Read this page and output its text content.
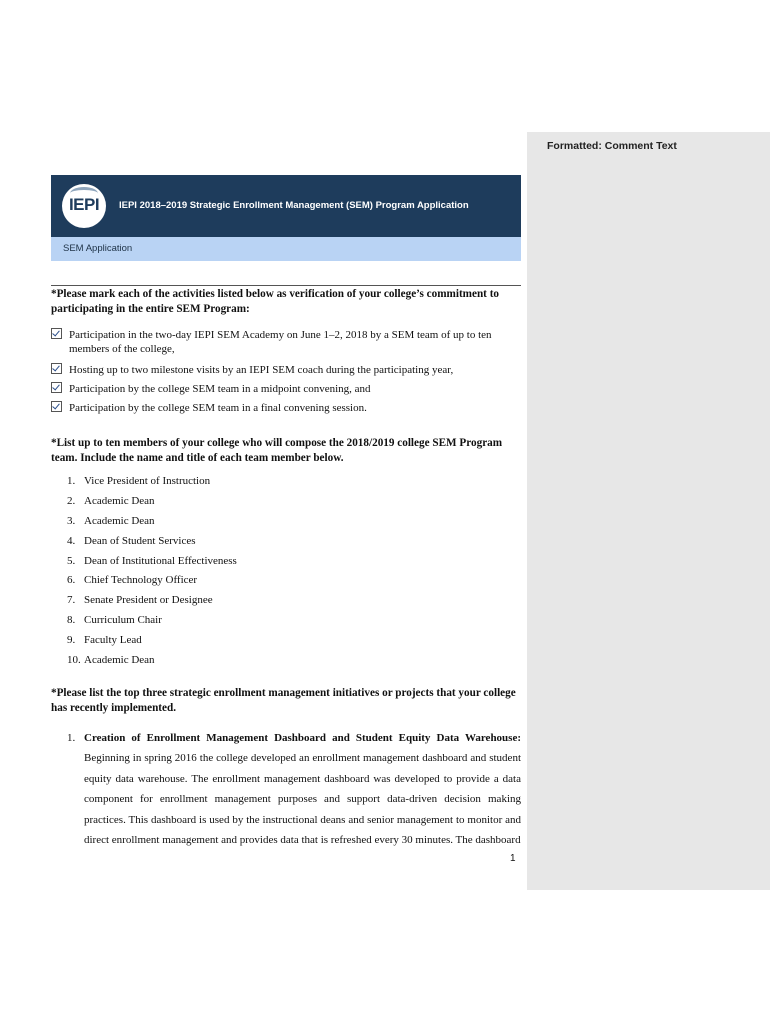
Formatted: Comment Text
IEPI	IEPI 2018–2019 Strategic Enrollment Management (SEM) Program Application
SEM Application
*Please mark each of the activities listed below as verification of your college’s commitment to participating in the entire SEM Program:
Participation in the two-day IEPI SEM Academy on June 1–2, 2018 by a SEM team of up to ten members of the college,
Hosting up to two milestone visits by an IEPI SEM coach during the participating year,
Participation by the college SEM team in a midpoint convening, and
Participation by the college SEM team in a final convening session.
*List up to ten members of your college who will compose the 2018/2019 college SEM Program team. Include the name and title of each team member below.
1. Vice President of Instruction
2. Academic Dean
3. Academic Dean
4. Dean of Student Services
5. Dean of Institutional Effectiveness
6. Chief Technology Officer
7. Senate President or Designee
8. Curriculum Chair
9. Faculty Lead
10. Academic Dean
*Please list the top three strategic enrollment management initiatives or projects that your college has recently implemented.
1. Creation of Enrollment Management Dashboard and Student Equity Data Warehouse: Beginning in spring 2016 the college developed an enrollment management dashboard and student equity data warehouse. The enrollment management dashboard was developed to provide a data component for enrollment management purposes and support data-driven decision making practices. This dashboard is used by the instructional deans and senior management to monitor and direct enrollment management and provides data that is refreshed every 30 minutes. The dashboard
1
